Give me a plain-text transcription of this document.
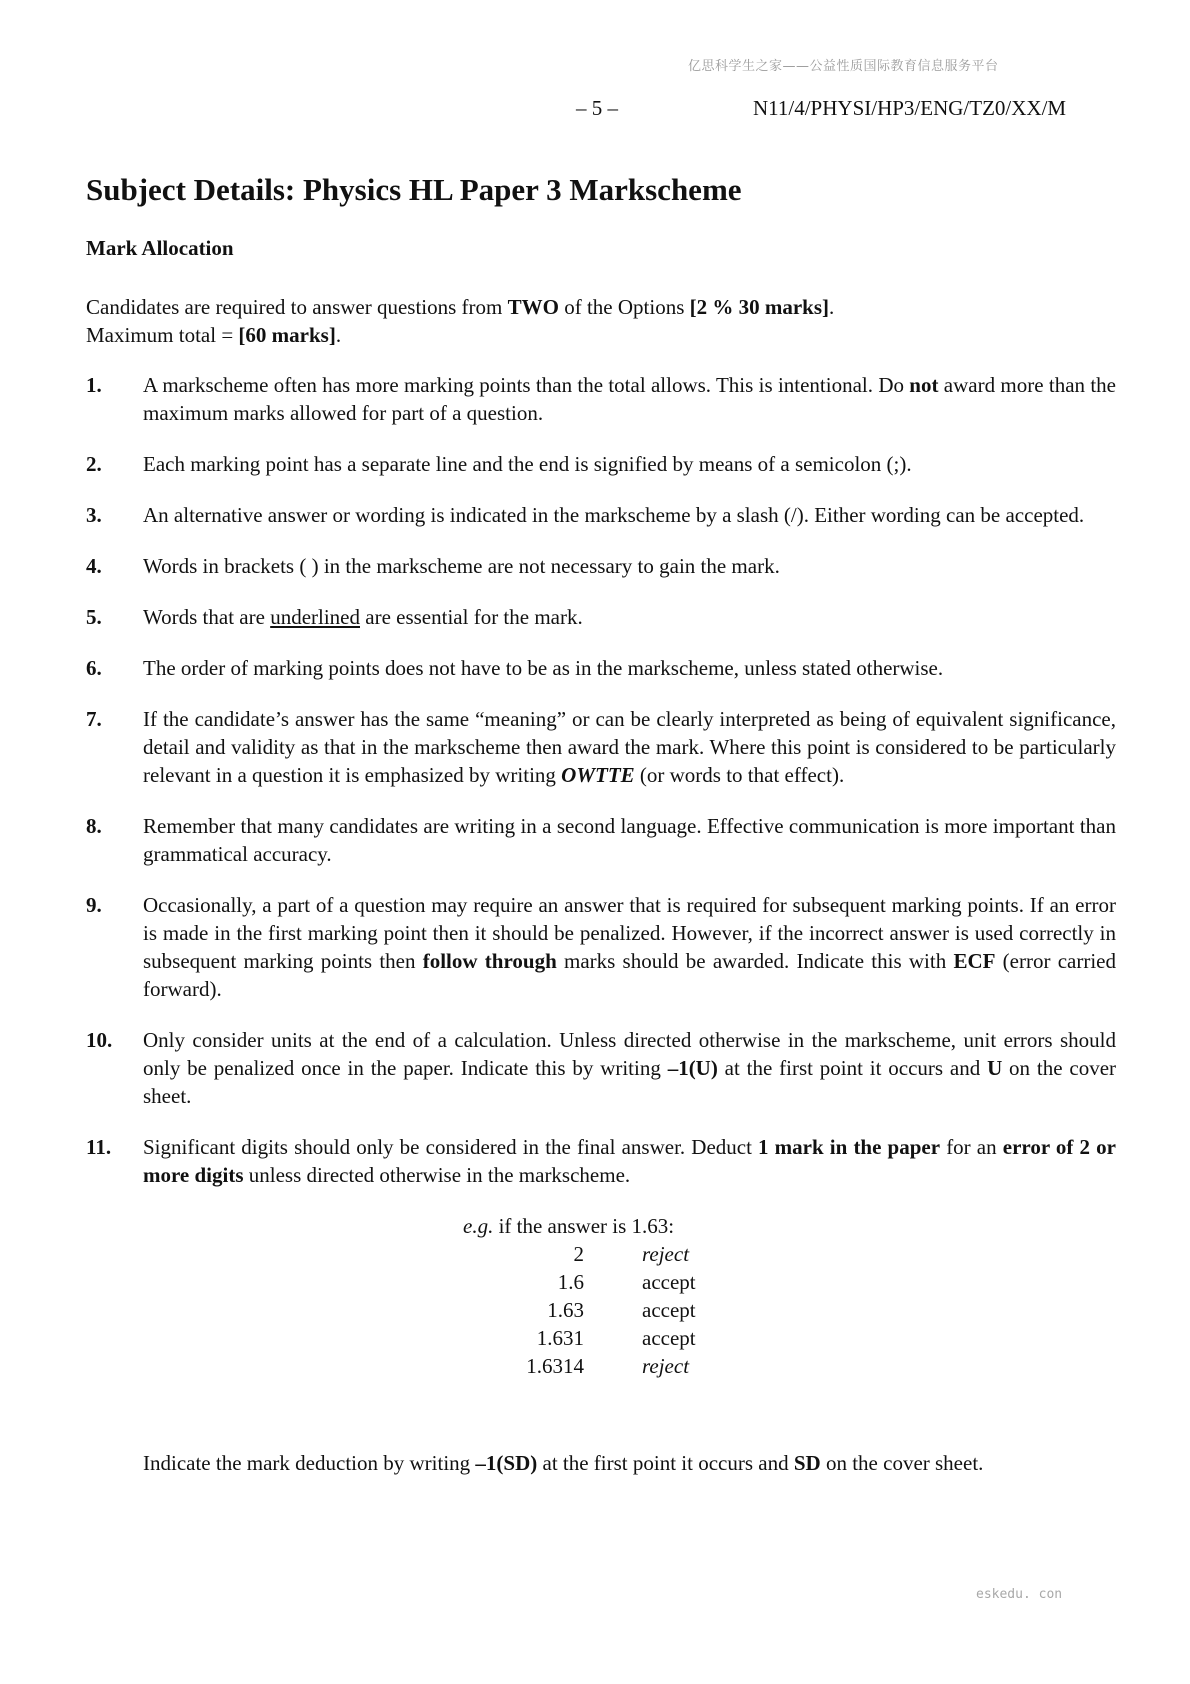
亿思科学生之家——公益性质国际教育信息服务平台
– 5 –	N11/4/PHYSI/HP3/ENG/TZ0/XX/M
Subject Details: Physics HL Paper 3 Markscheme
Mark Allocation

Candidates are required to answer questions from TWO of the Options [2 % 30 marks].

Maximum total = [60 marks].

1. A markscheme often has more marking points than the total allows. This is intentional. Do not award more than the maximum marks allowed for part of a question.
2. Each marking point has a separate line and the end is signified by means of a semicolon (;).
3. An alternative answer or wording is indicated in the markscheme by a slash (/). Either wording can be accepted.
4. Words in brackets ( ) in the markscheme are not necessary to gain the mark.
5. Words that are underlined are essential for the mark.
6. The order of marking points does not have to be as in the markscheme, unless stated otherwise.
7. If the candidate’s answer has the same “meaning” or can be clearly interpreted as being of equivalent significance, detail and validity as that in the markscheme then award the mark. Where this point is considered to be particularly relevant in a question it is emphasized by writing OWTTE (or words to that effect).
8. Remember that many candidates are writing in a second language. Effective communication is more important than grammatical accuracy.
9. Occasionally, a part of a question may require an answer that is required for subsequent marking points. If an error is made in the first marking point then it should be penalized. However, if the incorrect answer is used correctly in subsequent marking points then follow through marks should be awarded. Indicate this with ECF (error carried forward).
10. Only consider units at the end of a calculation. Unless directed otherwise in the markscheme, unit errors should only be penalized once in the paper. Indicate this by writing –1(U) at the first point it occurs and U on the cover sheet.
11. Significant digits should only be considered in the final answer. Deduct 1 mark in the paper for an error of 2 or more digits unless directed otherwise in the markscheme.
e.g. if the answer is 1.63:
2	reject
1.6	accept
1.63	accept
1.631	accept
1.6314	reject
Indicate the mark deduction by writing –1(SD) at the first point it occurs and SD on the cover sheet.
eskedu. con
